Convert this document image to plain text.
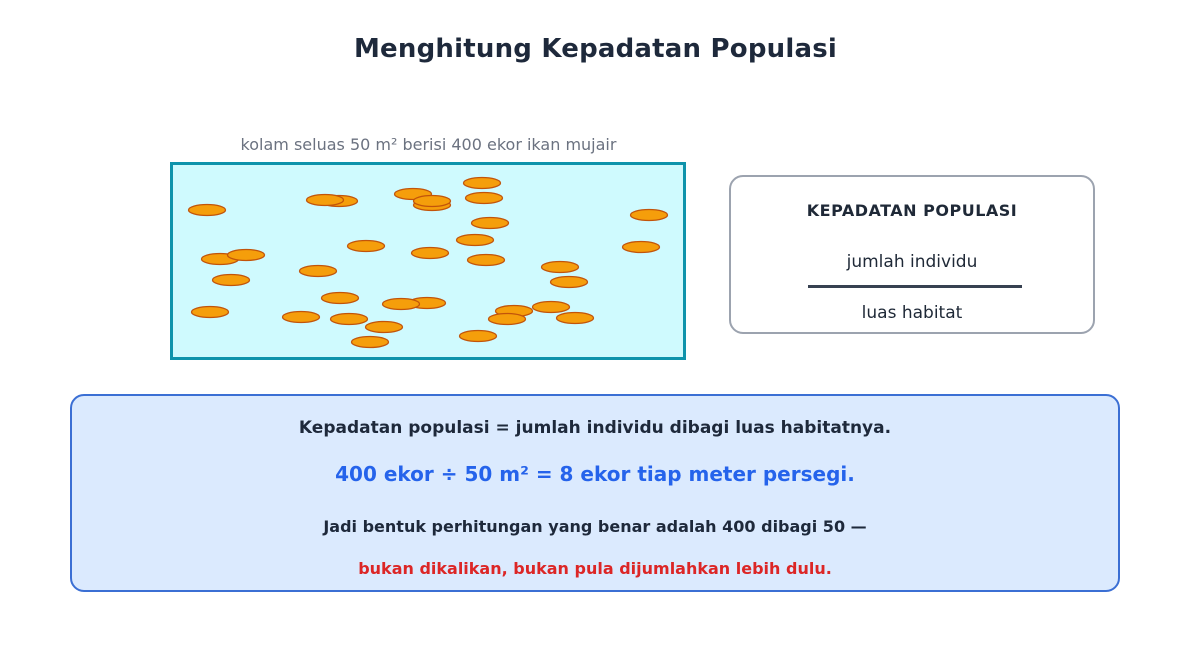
Menghitung Kepadatan Populasi
kolam seluas 50 m² berisi 400 ekor ikan mujair
KEPADATAN POPULASI
jumlah individu
luas habitat
Kepadatan populasi = jumlah individu dibagi luas habitatnya.
400 ekor ÷ 50 m² = 8 ekor tiap meter persegi.
Jadi bentuk perhitungan yang benar adalah 400 dibagi 50 —
bukan dikalikan, bukan pula dijumlahkan lebih dulu.
